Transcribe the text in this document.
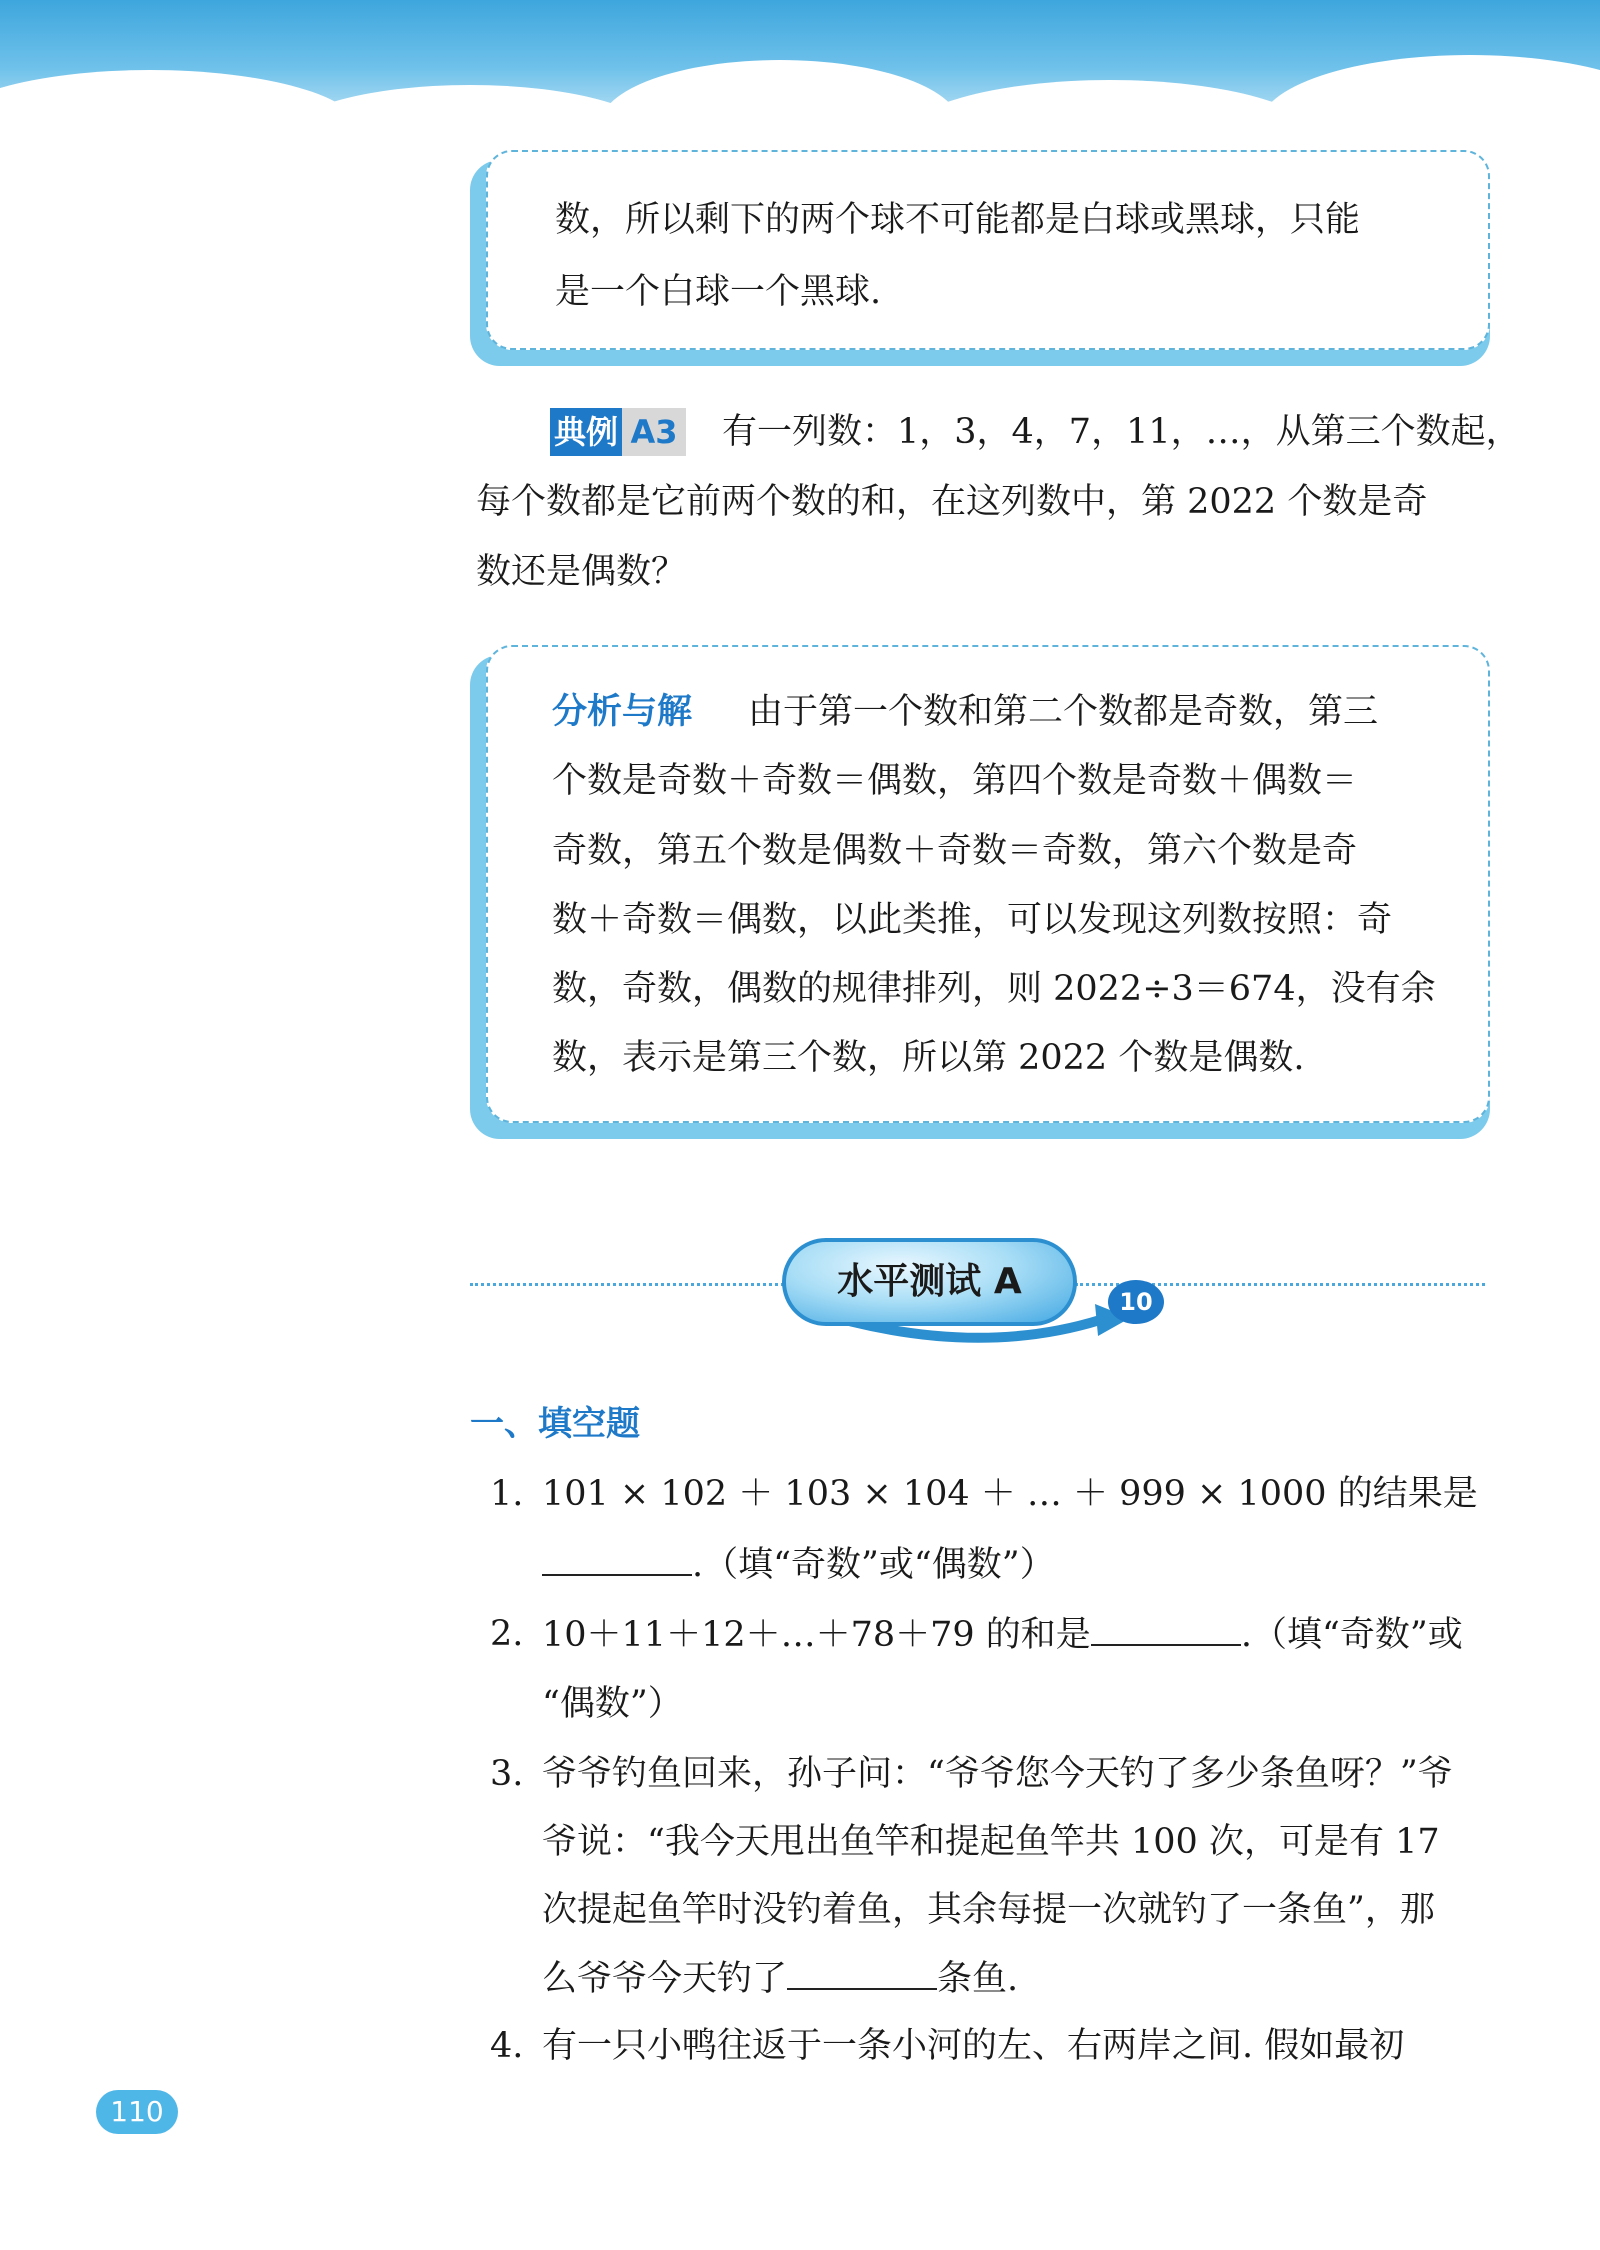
数，所以剩下的两个球不可能都是白球或黑球，只能
是一个白球一个黑球.
典例 A3 有一列数：1，3，4，7，11，…，从第三个数起，
每个数都是它前两个数的和，在这列数中，第 2022 个数是奇
数还是偶数？
分析与解 由于第一个数和第二个数都是奇数，第三
个数是奇数＋奇数＝偶数，第四个数是奇数＋偶数＝
奇数，第五个数是偶数＋奇数＝奇数，第六个数是奇
数＋奇数＝偶数，以此类推，可以发现这列数按照：奇
数，奇数，偶数的规律排列，则 2022÷3＝674，没有余
数，表示是第三个数，所以第 2022 个数是偶数.
水平测试 A	10
一、填空题
1. 101 × 102 ＋ 103 × 104 ＋ … ＋ 999 × 1000 的结果是
.（填“奇数”或“偶数”）
2. 10＋11＋12＋…＋78＋79 的和是	.（填“奇数”或
“偶数”）
3. 爷爷钓鱼回来，孙子问：“爷爷您今天钓了多少条鱼呀？”爷
爷说：“我今天甩出鱼竿和提起鱼竿共 100 次，可是有 17
次提起鱼竿时没钓着鱼，其余每提一次就钓了一条鱼”，那
么爷爷今天钓了	条鱼.
4. 有一只小鸭往返于一条小河的左、右两岸之间. 假如最初
110
